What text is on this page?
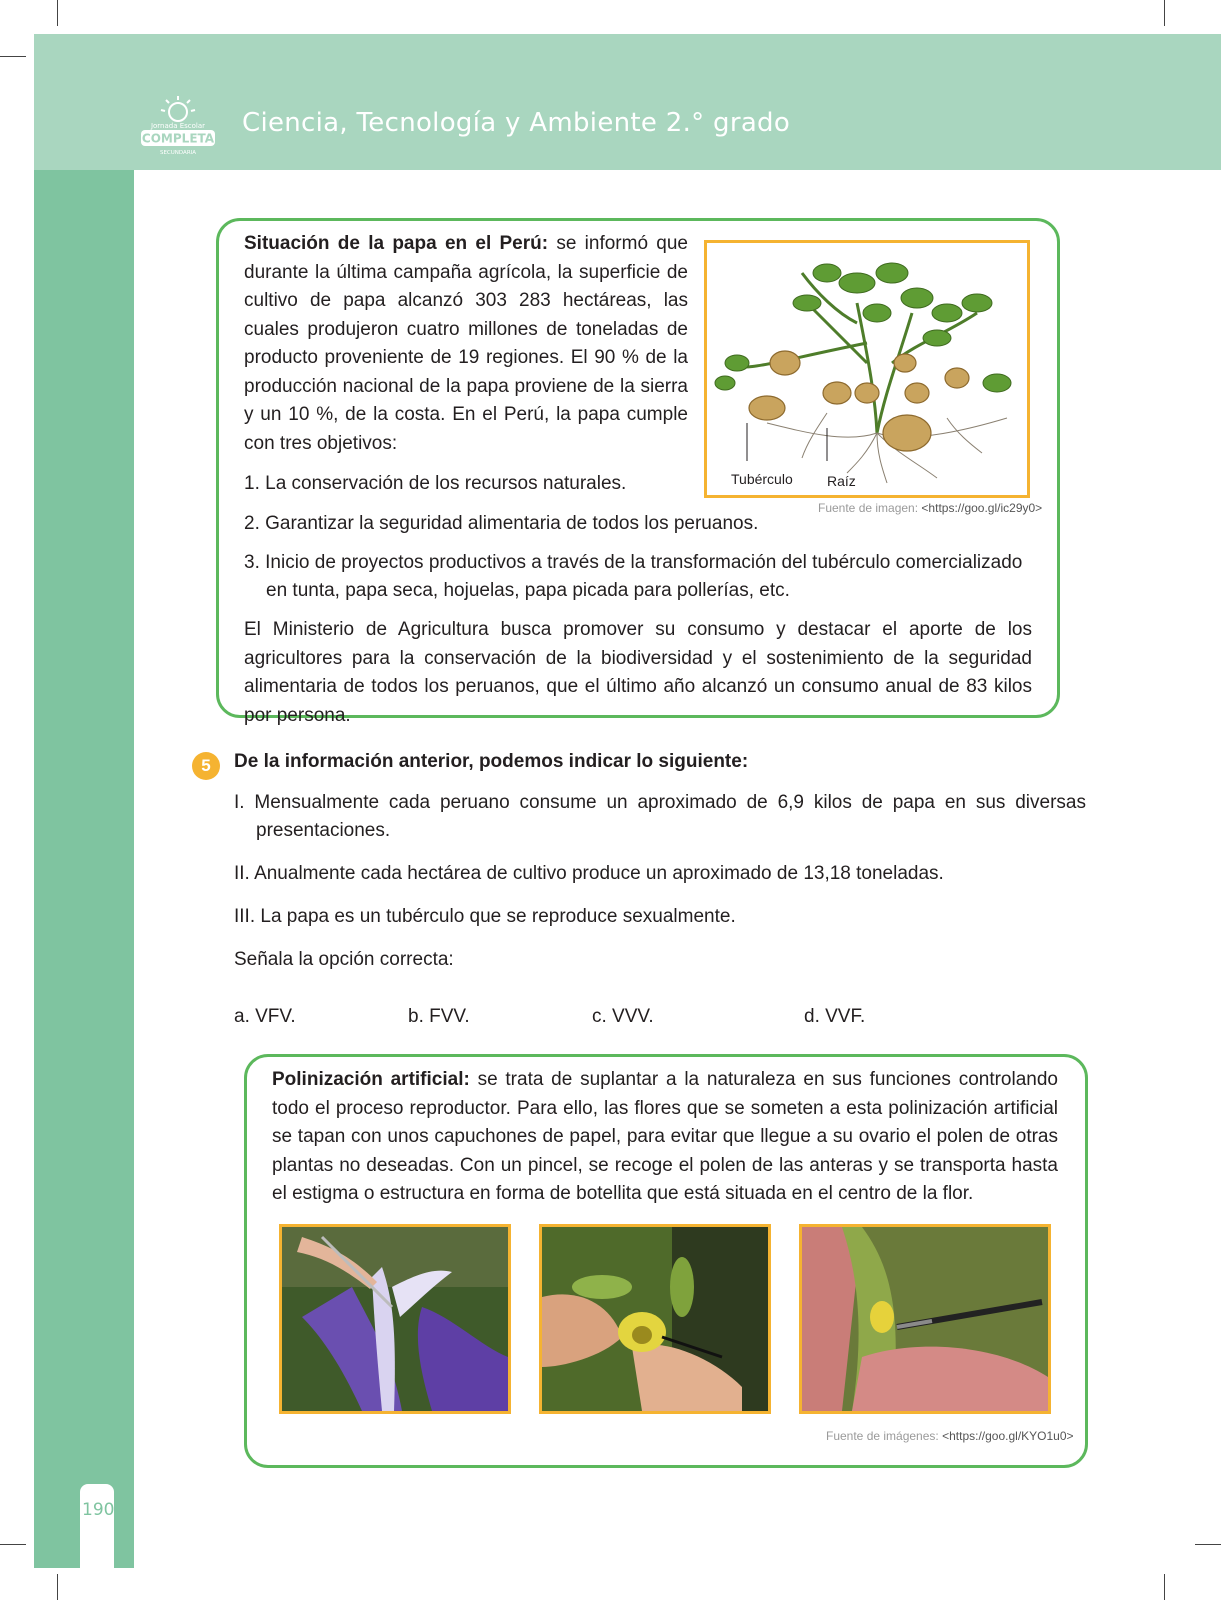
Jornada Escolar
COMPLETA
SECUNDARIA
Ciencia, Tecnología y Ambiente 2.° grado
Situación de la papa en el Perú: se informó que durante la última campaña agrícola, la superficie de cultivo de papa alcanzó 303 283 hectáreas, las cuales produjeron cuatro millones de toneladas de producto proveniente de 19 regiones. El 90 % de la producción nacional de la papa proviene de la sierra y un 10 %, de la costa. En el Perú, la papa cumple con tres objetivos:
Tubérculo Raíz
Fuente de imagen: <https://goo.gl/ic29y0>
1. La conservación de los recursos naturales.
2. Garantizar la seguridad alimentaria de todos los peruanos.
3. Inicio de proyectos productivos a través de la transformación del tubérculo comercializado
en tunta, papa seca, hojuelas, papa picada para pollerías, etc.
El Ministerio de Agricultura busca promover su consumo y destacar el aporte de los agricultores para la conservación de la biodiversidad y el sostenimiento de la seguridad alimentaria de todos los peruanos, que el último año alcanzó un consumo anual de 83 kilos por persona.
5	De la información anterior, podemos indicar lo siguiente:
I. Mensualmente cada peruano consume un aproximado de 6,9 kilos de papa en sus diversas
presentaciones.
II. Anualmente cada hectárea de cultivo produce un aproximado de 13,18 toneladas.
III. La papa es un tubérculo que se reproduce sexualmente.
Señala la opción correcta:
a. VFV.	b. FVV.	c. VVV.	d. VVF.
Polinización artificial: se trata de suplantar a la naturaleza en sus funciones controlando todo el proceso reproductor. Para ello, las flores que se someten a esta polinización artificial se tapan con unos capuchones de papel, para evitar que llegue a su ovario el polen de otras plantas no deseadas. Con un pincel, se recoge el polen de las anteras y se transporta hasta el estigma o estructura en forma de botellita que está situada en el centro de la flor.
Fuente de imágenes: <https://goo.gl/KYO1u0>
190
